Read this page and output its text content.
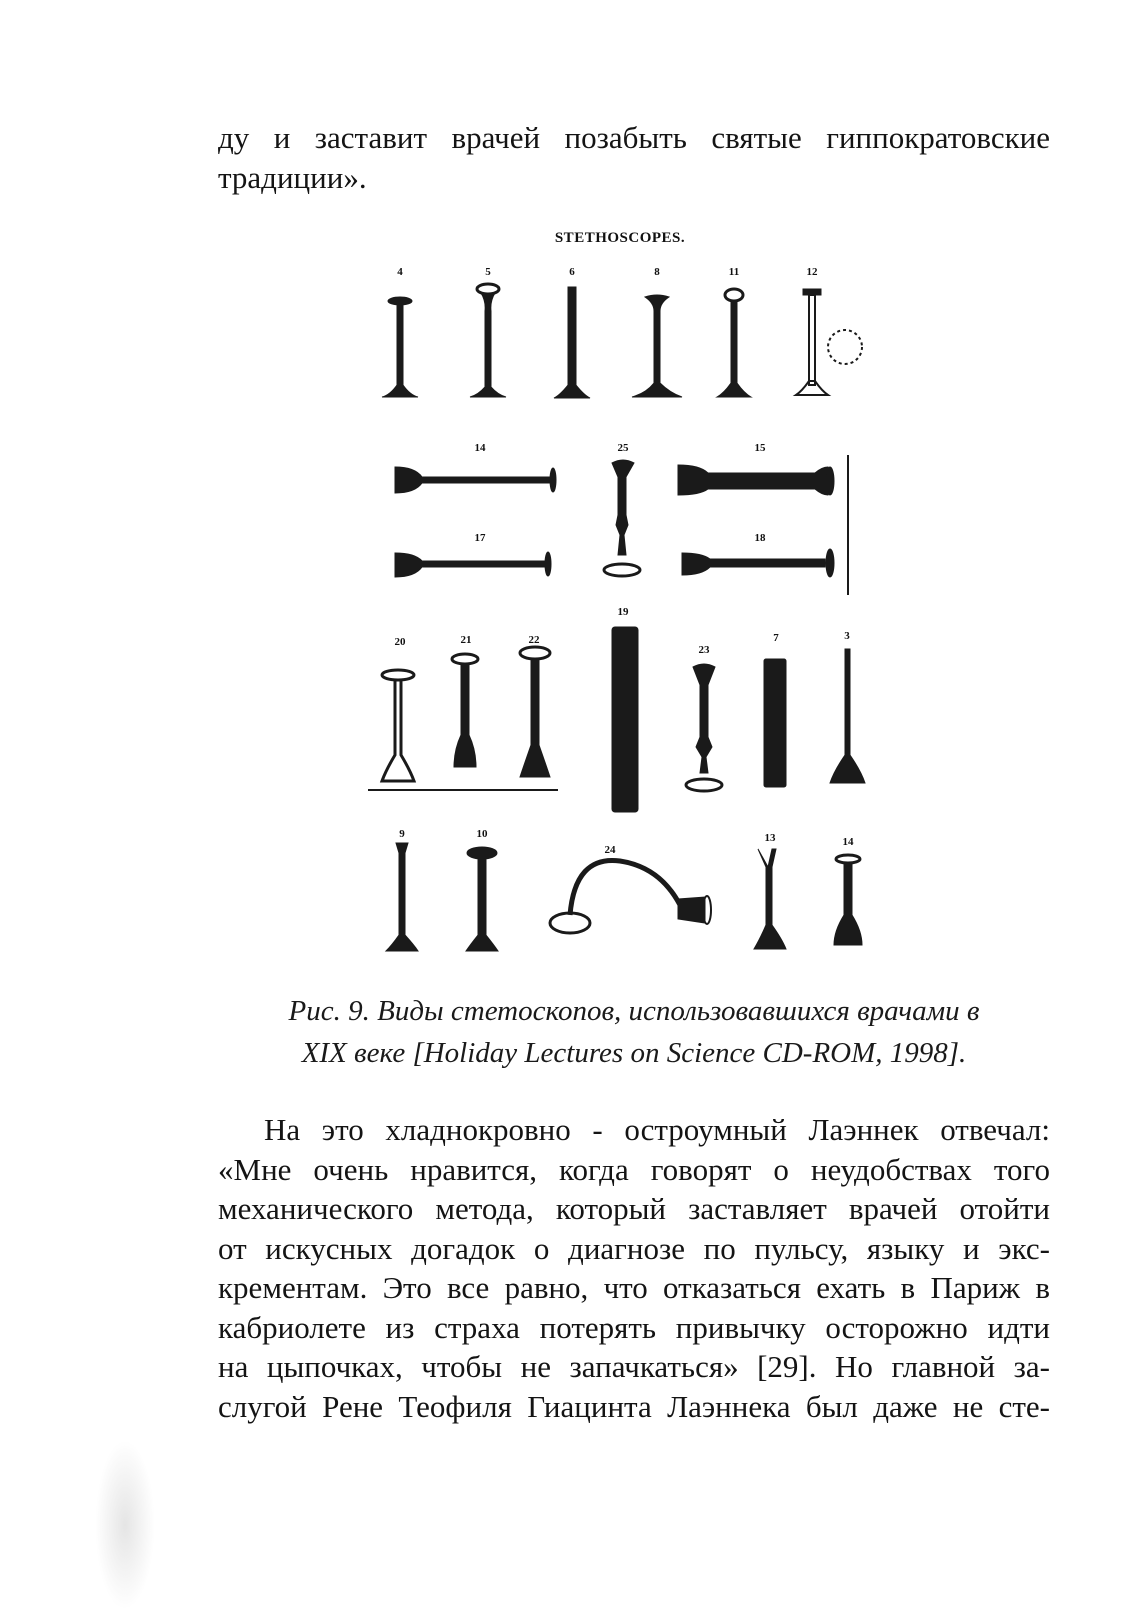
ду и заставит врачей позабыть святые гиппократовские
традиции».
STETHOSCOPES.
4	5	6	8	11	12
14	25	15
17	18
20	21	22
19
23
7	3
9	10
24
13	14
Рис. 9. Виды стетоскопов, использовавшихся врачами в
XIX веке [Holiday Lectures on Science CD-ROM, 1998].
На это хладнокровно - остроумный Лаэннек отвечал:
«Мне очень нравится, когда говорят о неудобствах того
механического метода, который заставляет врачей отойти
от искусных догадок о диагнозе по пульсу, языку и экс-
крементам. Это все равно, что отказаться ехать в Париж в
кабриолете из страха потерять привычку осторожно идти
на цыпочках, чтобы не запачкаться» [29]. Но главной за-
слугой Рене Теофиля Гиацинта Лаэннека был даже не сте-
